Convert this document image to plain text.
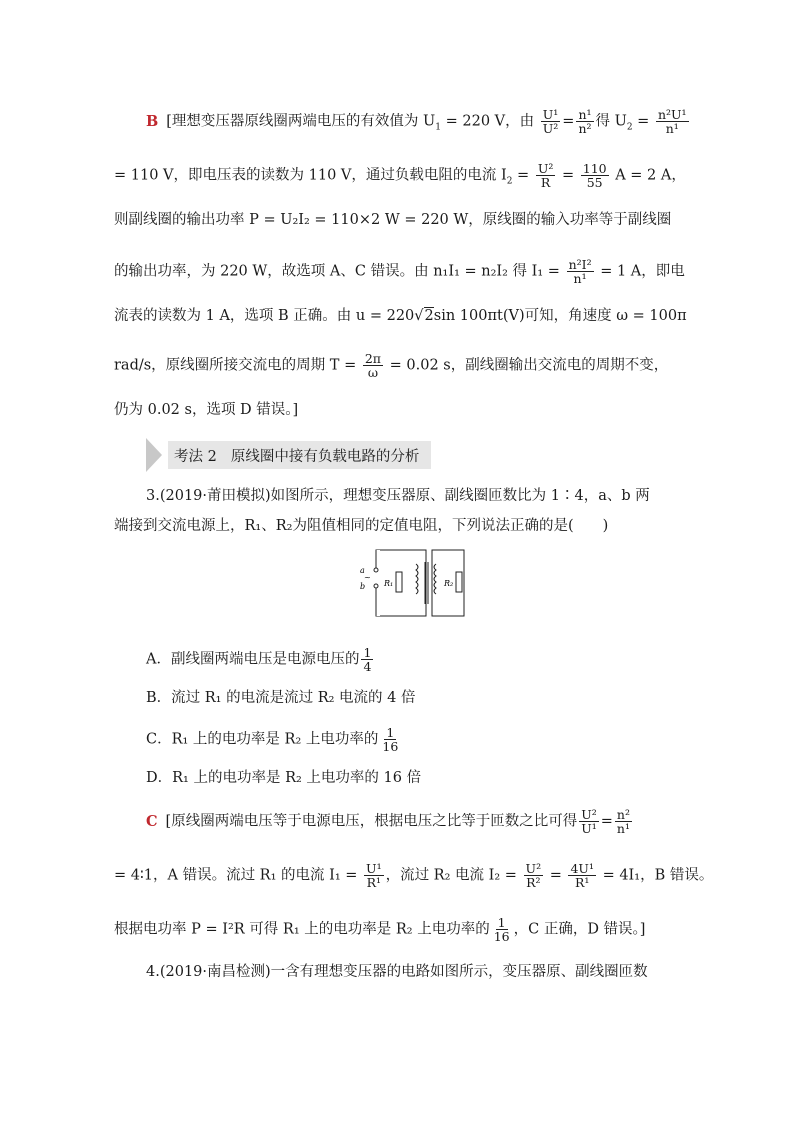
B [理想变压器原线圈两端电压的有效值为 $U_1 = 220$ V，由 $\frac{\text{U¹}}{\text{U²}} = \frac{\text{n¹}}{\text{n²}}$ 得 $U_2 = \frac{\text{n²U¹}}{\text{n¹}}$
= 110 V，即电压表的读数为 110 V，通过负载电阻的电流 $I_2 = \frac{\text{U²}}{R} = \frac{110}{55}$ A = 2 A，
则副线圈的输出功率 P = U₂I₂ = 110×2 W = 220 W，原线圈的输入功率等于副线圈
的输出功率，为 220 W，故选项 A、C 错误。由 n₁I₁ = n₂I₂ 得 $I_1 = \frac{\text{n²I²}}{\text{n¹}} = 1$ A，即电
流表的读数为 1 A，选项 B 正确。由 u = 220√2sin 100πt(V)可知，角速度 ω = 100π
rad/s，原线圈所接交流电的周期 $T = \frac{2\pi}{\omega} = 0.02$ s，副线圈输出交流电的周期不变，
仍为 0.02 s，选项 D 错误。]
考法 2 原线圈中接有负载电路的分析
3.(2019·莆田模拟)如图所示，理想变压器原、副线圈匝数比为 1∶4，a、b 两
端接到交流电源上，R₁、R₂为阻值相同的定值电阻，下列说法正确的是(　　)
a
~
b R₁	R₂
A．副线圈两端电压是电源电压的 $\frac{1}{4}$
B．流过 R₁ 的电流是流过 R₂ 电流的 4 倍
C．R₁ 上的电功率是 R₂ 上电功率的 $\frac{1}{16}$
D．R₁ 上的电功率是 R₂ 上电功率的 16 倍
C [原线圈两端电压等于电源电压，根据电压之比等于匝数之比可得 $\frac{\text{U²}}{\text{U¹}} = \frac{\text{n²}}{\text{n¹}}$
= 4∶1，A 错误。流过 R₁ 的电流 $I_1 = \frac{\text{U¹}}{\text{R¹}}$ ，流过 R₂ 电流 $I_2 = \frac{\text{U²}}{\text{R²}} = \frac{\text{4U¹}}{\text{R¹}} = 4I_1$，B 错误。
根据电功率 P = I²R 可得 R₁ 上的电功率是 R₂ 上电功率的 $\frac{1}{16}$ ，C 正确，D 错误。]
4.(2019·南昌检测)一含有理想变压器的电路如图所示，变压器原、副线圈匝数
